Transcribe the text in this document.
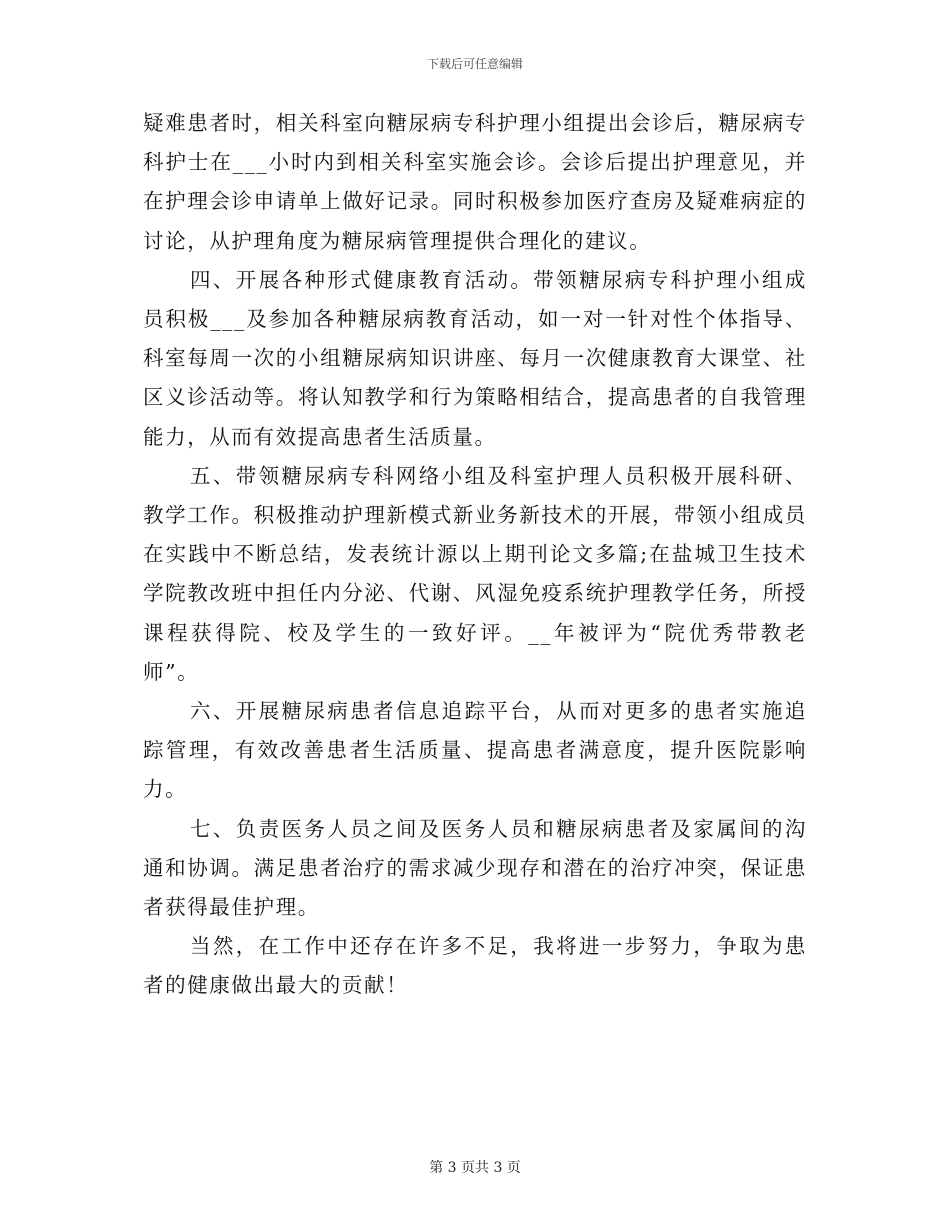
下载后可任意编辑

疑难患者时，相关科室向糖尿病专科护理小组提出会诊后，糖尿病专科护士在___小时内到相关科室实施会诊。会诊后提出护理意见，并在护理会诊申请单上做好记录。同时积极参加医疗查房及疑难病症的讨论，从护理角度为糖尿病管理提供合理化的建议。

四、开展各种形式健康教育活动。带领糖尿病专科护理小组成员积极___及参加各种糖尿病教育活动，如一对一针对性个体指导、科室每周一次的小组糖尿病知识讲座、每月一次健康教育大课堂、社区义诊活动等。将认知教学和行为策略相结合，提高患者的自我管理能力，从而有效提高患者生活质量。

五、带领糖尿病专科网络小组及科室护理人员积极开展科研、教学工作。积极推动护理新模式新业务新技术的开展，带领小组成员在实践中不断总结，发表统计源以上期刊论文多篇;在盐城卫生技术学院教改班中担任内分泌、代谢、风湿免疫系统护理教学任务，所授课程获得院、校及学生的一致好评。__年被评为“院优秀带教老师”。

六、开展糖尿病患者信息追踪平台，从而对更多的患者实施追踪管理，有效改善患者生活质量、提高患者满意度，提升医院影响力。

七、负责医务人员之间及医务人员和糖尿病患者及家属间的沟通和协调。满足患者治疗的需求减少现存和潜在的治疗冲突，保证患者获得最佳护理。

当然，在工作中还存在许多不足，我将进一步努力，争取为患者的健康做出最大的贡献！

第 3 页共 3 页
